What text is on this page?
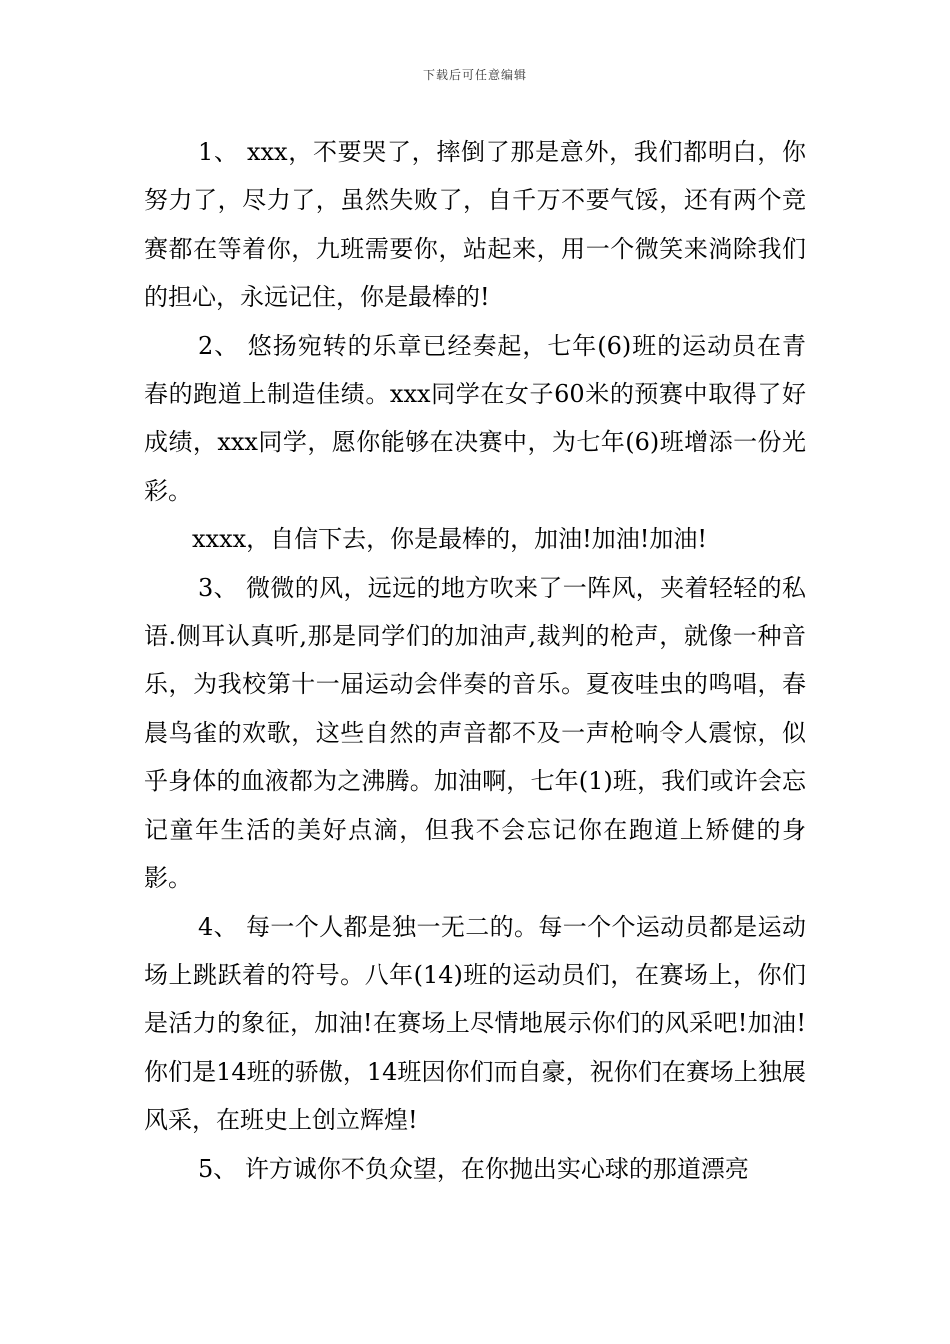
下载后可任意编辑

1、 xxx，不要哭了，摔倒了那是意外，我们都明白，你努力了，尽力了，虽然失败了，自千万不要气馁，还有两个竞赛都在等着你，九班需要你，站起来，用一个微笑来淌除我们的担心，永远记住，你是最棒的!

2、 悠扬宛转的乐章已经奏起，七年(6)班的运动员在青春的跑道上制造佳绩。xxx同学在女子60米的预赛中取得了好成绩，xxx同学，愿你能够在决赛中，为七年(6)班增添一份光彩。

xxxx，自信下去，你是最棒的，加油!加油!加油!

3、 微微的风，远远的地方吹来了一阵风，夹着轻轻的私语.侧耳认真听,那是同学们的加油声,裁判的枪声，就像一种音乐，为我校第十一届运动会伴奏的音乐。夏夜哇虫的鸣唱，春晨鸟雀的欢歌，这些自然的声音都不及一声枪响令人震惊，似乎身体的血液都为之沸腾。加油啊，七年(1)班，我们或许会忘记童年生活的美好点滴，但我不会忘记你在跑道上矫健的身影。

4、 每一个人都是独一无二的。每一个个运动员都是运动场上跳跃着的符号。八年(14)班的运动员们，在赛场上，你们是活力的象征，加油!在赛场上尽情地展示你们的风采吧!加油!你们是14班的骄傲，14班因你们而自豪，祝你们在赛场上独展风采，在班史上创立辉煌!

5、 许方诚你不负众望，在你抛出实心球的那道漂亮
